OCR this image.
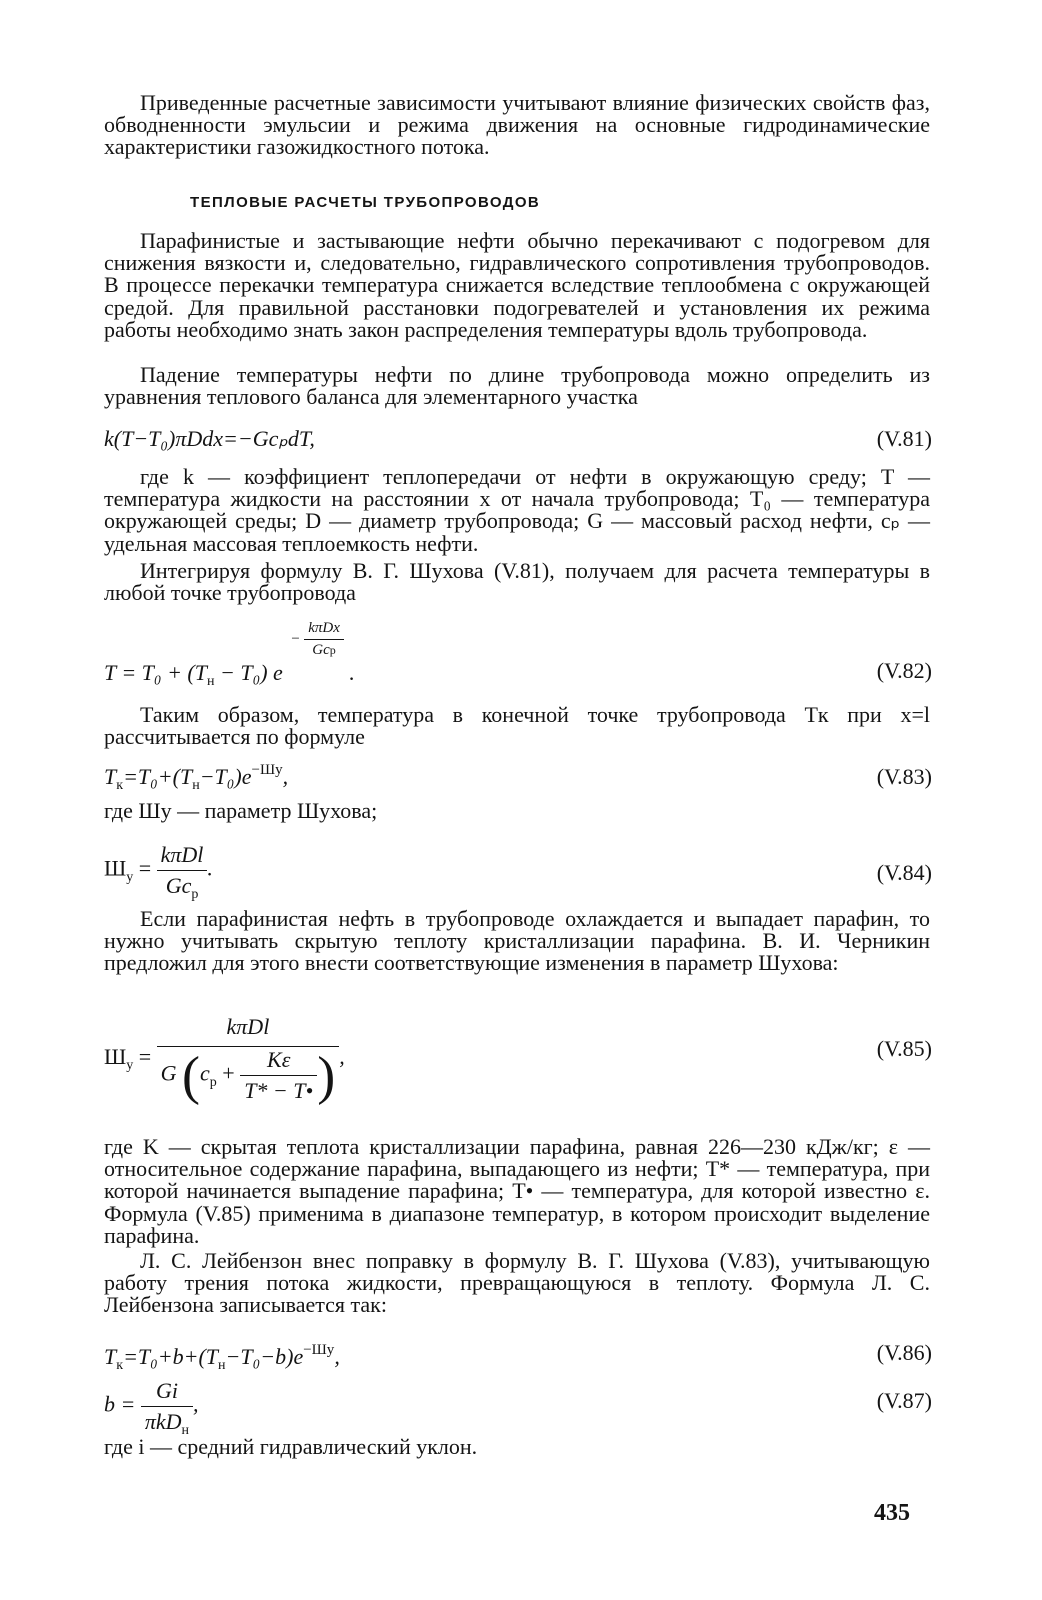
Приведенные расчетные зависимости учитывают влияние физических свойств фаз, обводненности эмульсии и режима движения на основные гидродинамические характеристики газожидкостного потока.
ТЕПЛОВЫЕ РАСЧЕТЫ ТРУБОПРОВОДОВ
Парафинистые и застывающие нефти обычно перекачивают с подогревом для снижения вязкости и, следовательно, гидравлического сопротивления трубопроводов. В процессе перекачки температура снижается вследствие теплообмена с окружающей средой. Для правильной расстановки подогревателей и установления их режима работы необходимо знать закон распределения температуры вдоль трубопровода.
Падение температуры нефти по длине трубопровода можно определить из уравнения теплового баланса для элементарного участка
k(T−T₀)πDdx=−GcₚdT,	(V.81)
где k — коэффициент теплопередачи от нефти в окружающую среду; T — температура жидкости на расстоянии x от начала трубопровода; T₀ — температура окружающей среды; D — диаметр трубопровода; G — массовый расход нефти, cₚ — удельная массовая теплоемкость нефти.
Интегрируя формулу В. Г. Шухова (V.81), получаем для расчета температуры в любой точке трубопровода
$T = T_0 + (T_н - T_0) e - \frac{\text{kπDx}}{\text{Gcp}}$
.	(V.82)
Таким образом, температура в конечной точке трубопровода Tк при x=l рассчитывается по формуле
$T_к=T_0+(T_н-T_0)e^{-Шу}$,	(V.83)
где Шу — параметр Шухова;
$Ш_у = \frac{\text{kπDl}}{Gc_p}$ .	(V.84)
Если парафинистая нефть в трубопроводе охлаждается и выпадает парафин, то нужно учитывать скрытую теплоту кристаллизации парафина. В. И. Черникин предложил для этого внести соответствующие изменения в параметр Шухова:
$Ш_у$ =
kπDl
G ($c_p + \frac{K\varepsilon}{T* - T•}$ ) ,	(V.85)
где K — скрытая теплота кристаллизации парафина, равная 226—230 кДж/кг; ε — относительное содержание парафина, выпадающего из нефти; T* — температура, при которой начинается выпадение парафина; T• — температура, для которой известно ε. Формула (V.85) применима в диапазоне температур, в котором происходит выделение парафина.
Л. С. Лейбензон внес поправку в формулу В. Г. Шухова (V.83), учитывающую работу трения потока жидкости, превращающуюся в теплоту. Формула Л. С. Лейбензона записывается так:
$T_к=T_0+b+(T_н-T_0-b)e^{-Шу}$,	(V.86)
$b = \frac{Gi}{\pi kD_н}$ ,	(V.87)
где i — средний гидравлический уклон.
435
